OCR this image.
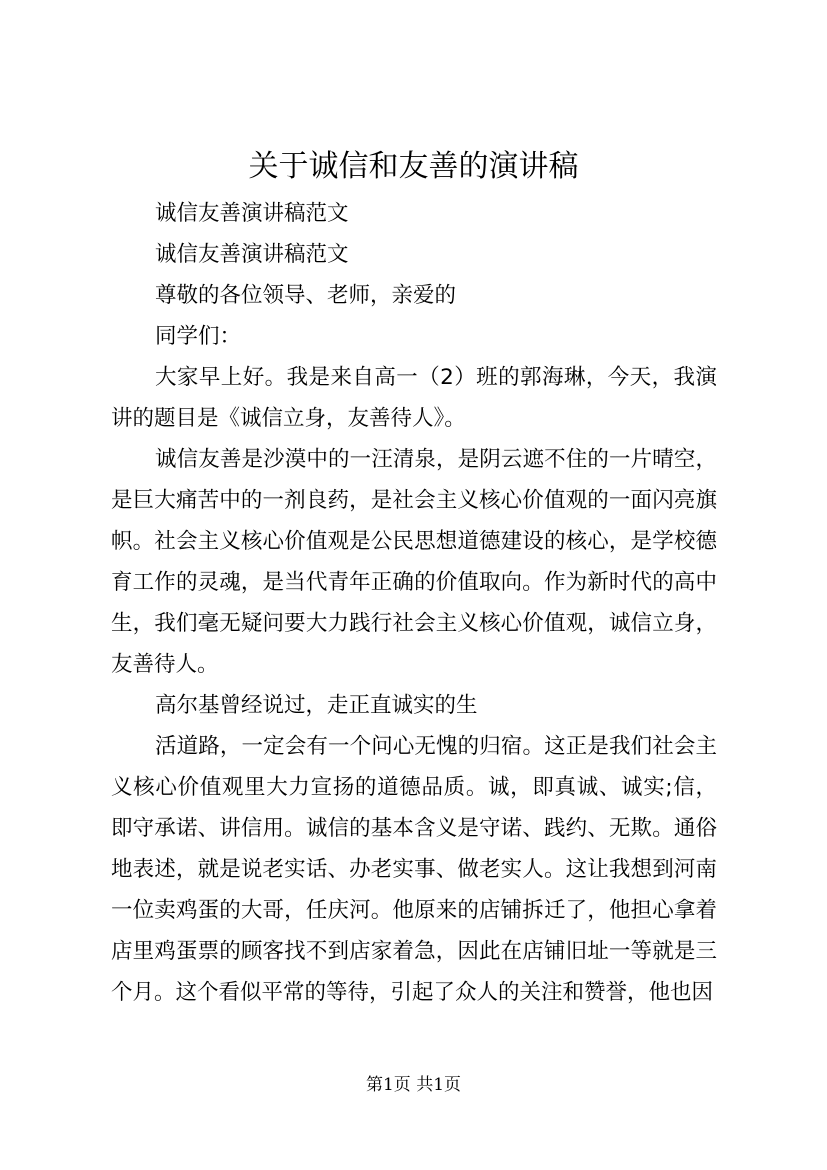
关于诚信和友善的演讲稿

诚信友善演讲稿范文

诚信友善演讲稿范文

尊敬的各位领导、老师，亲爱的

同学们：

大家早上好。我是来自高一（2）班的郭海琳，今天，我演讲的题目是《诚信立身，友善待人》。

诚信友善是沙漠中的一汪清泉，是阴云遮不住的一片晴空，是巨大痛苦中的一剂良药，是社会主义核心价值观的一面闪亮旗帜。社会主义核心价值观是公民思想道德建设的核心，是学校德育工作的灵魂，是当代青年正确的价值取向。作为新时代的高中生，我们毫无疑问要大力践行社会主义核心价值观，诚信立身，友善待人。

高尔基曾经说过，走正直诚实的生

活道路，一定会有一个问心无愧的归宿。这正是我们社会主义核心价值观里大力宣扬的道德品质。诚，即真诚、诚实;信，即守承诺、讲信用。诚信的基本含义是守诺、践约、无欺。通俗地表述，就是说老实话、办老实事、做老实人。这让我想到河南一位卖鸡蛋的大哥，任庆河。他原来的店铺拆迁了，他担心拿着店里鸡蛋票的顾客找不到店家着急，因此在店铺旧址一等就是三个月。这个看似平常的等待，引起了众人的关注和赞誉，他也因

第1页 共1页
